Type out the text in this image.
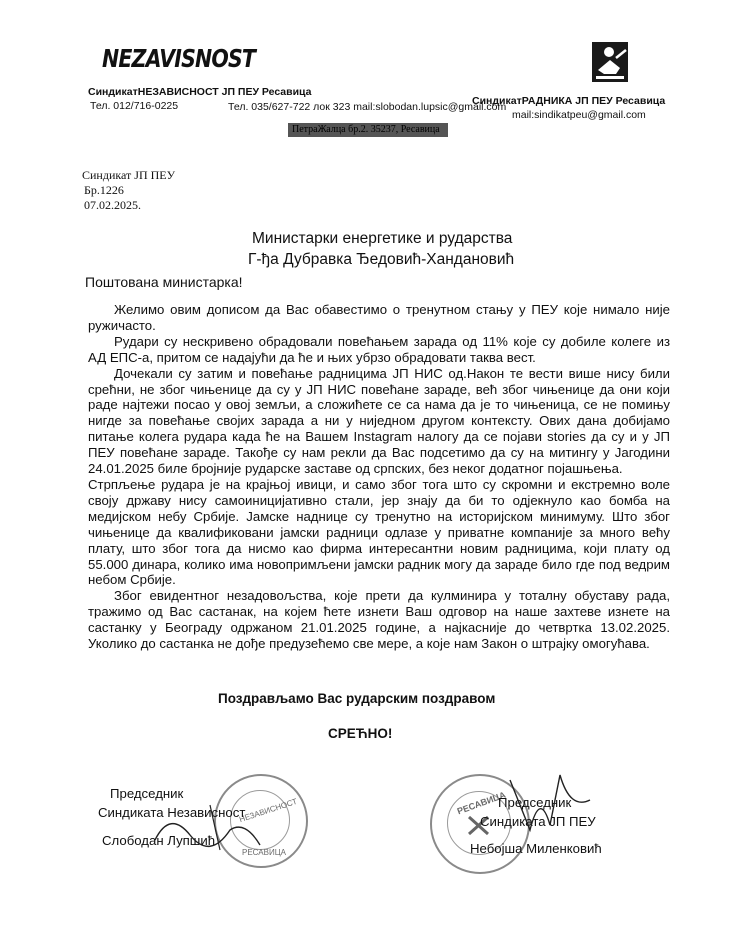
NEZAVISNOST
СиндикатНЕЗАВИСНОСТ ЈП ПЕУ Ресавица
Тел. 012/716-0225	Тел. 035/627-722 лок 323 mail:slobodan.lupsic@gmail.com
СиндикатРАДНИКА ЈП ПЕУ Ресавица
mail:sindikatpeu@gmail.com
ПетраЖалца бр.2. 35237, Ресавица
Синдикат ЈП ПЕУ
Бр.1226
07.02.2025.
Министарки енергетике и рударства
Г-ђа Дубравка Ђедовић-Хандановић
Поштована министарка!

Желимо овим дописом да Вас обавестимо о тренутном стању у ПЕУ које нимало није ружичасто.

Рудари су нескривено обрадовали повећањем зарада од 11% које су добиле колеге из АД ЕПС-а, притом се надајући да ће и њих убрзо обрадовати таква вест.

Дочекали су затим и повећање радницима ЈП НИС од.Након те вести више нису били срећни, не због чињенице да су у ЈП НИС повећане зараде, већ због чињенице да они који раде најтежи посао у овој земљи, а сложићете се са нама да је то чињеница, се не помињу нигде за повећање својих зарада а ни у ниједном другом контексту. Ових дана добијамо питање колега рудара када ће на Вашем Instagram налогу да се појави stories да су и у ЈП ПЕУ повећане зараде. Такође су нам рекли да Вас подсетимо да су на митингу у Јагодини 24.01.2025 биле бројније рударске заставе од српских, без неког додатног појашњења.

Стрпљење рудара је на крајњој ивици, и само због тога што су скромни и екстремно воле своју државу нису самоиницијативно стали, јер знају да би то одјекнуло као бомба на медијском небу Србије. Јамске наднице су тренутно на историјском минимуму. Што због чињенице да квалификовани јамски радници одлазе у приватне компаније за много већу плату, што због тога да нисмо као фирма интересантни новим радницима, који плату од 55.000 динара, колико има новопримљени јамски радник могу да зараде било где под ведрим небом Србије.

Због евидентног незадовољства, које прети да кулминира у тоталну обуставу рада, тражимо од Вас састанак, на којем ћете изнети Ваш одговор на наше захтеве изнете на састанку у Београду одржаном 21.01.2025 године, а најкасније до четвртка 13.02.2025. Уколико до састанка не дође предузећемо све мере, а које нам Закон о штрајку омогућава.

Поздрављамо Вас рударским поздравом
СРЕЋНО!
НЕЗАВИСНОСТ
РЕСАВИЦА
РЕСАВИЦА
Председник
Синдиката Независност
Слободан Лупшић
Председник
Синдиката ЈП ПЕУ
Небојша Миленковић
